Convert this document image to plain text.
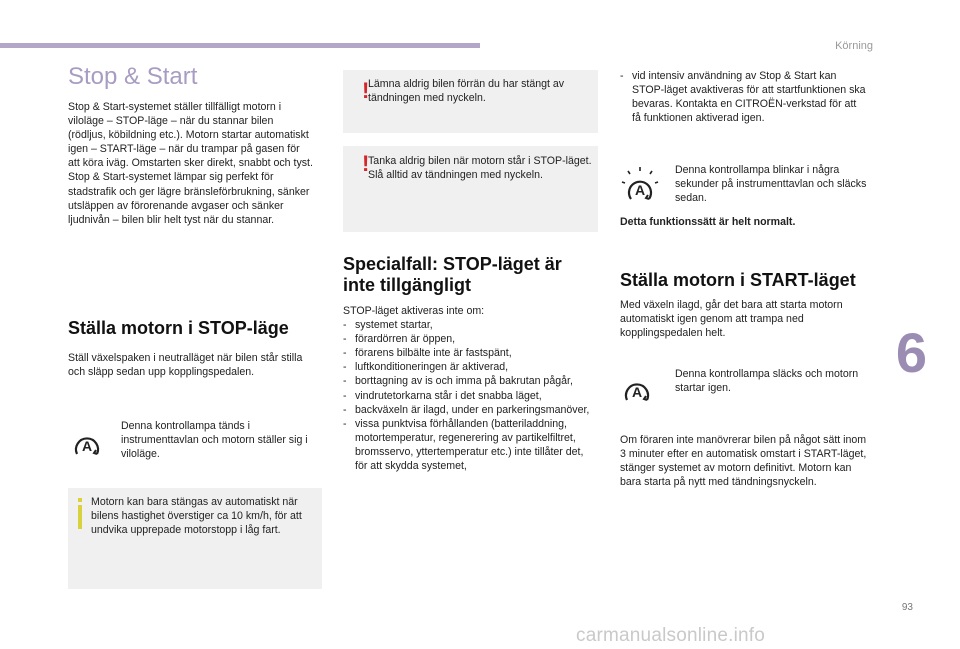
Körning
6
93
carmanualsonline.info
Stop & Start

Stop & Start-systemet ställer tillfälligt motorn i viloläge – STOP-läge – när du stannar bilen (rödljus, köbildning etc.). Motorn startar automatiskt igen – START-läge – när du trampar på gasen för att köra iväg. Omstarten sker direkt, snabbt och tyst.

Stop & Start-systemet lämpar sig perfekt för stadstrafik och ger lägre bränsleförbrukning, sänker utsläppen av förorenande avgaser och sänker ljudnivån – bilen blir helt tyst när du stannar.

Ställa motorn i STOP-läge
Ställ växelspaken i neutralläget när bilen står stilla och släpp sedan upp kopplingspedalen.
A
Denna kontrollampa tänds i instrumenttavlan och motorn ställer sig i viloläge.
Motorn kan bara stängas av automatiskt när bilens hastighet överstiger ca 10 km/h, för att undvika upprepade motorstopp i låg fart.
!
Lämna aldrig bilen förrän du har stängt av tändningen med nyckeln.
!
Tanka aldrig bilen när motorn står i STOP-läget. Slå alltid av tändningen med nyckeln.
Specialfall: STOP-läget är inte tillgängligt

STOP-läget aktiveras inte om:

- systemet startar,
- förardörren är öppen,
- förarens bilbälte inte är fastspänt,
- luftkonditioneringen är aktiverad,
- borttagning av is och imma på bakrutan pågår,
- vindrutetorkarna står i det snabba läget,
- backväxeln är ilagd, under en parkeringsmanöver,
- vissa punktvisa förhållanden (batteriladdning, motortemperatur, regenerering av partikelfiltret, bromsservo, yttertemperatur etc.) inte tillåter det, för att skydda systemet,
- vid intensiv användning av Stop & Start kan STOP-läget avaktiveras för att startfunktionen ska bevaras. Kontakta en CITROËN-verkstad för att få funktionen aktiverad igen.
A
Denna kontrollampa blinkar i några sekunder på instrumenttavlan och släcks sedan.
Detta funktionssätt är helt normalt.
Ställa motorn i START-läget
Med växeln ilagd, går det bara att starta motorn automatiskt igen genom att trampa ned kopplingspedalen helt.
A
Denna kontrollampa släcks och motorn startar igen.
Om föraren inte manövrerar bilen på något sätt inom 3 minuter efter en automatisk omstart i START-läget, stänger systemet av motorn definitivt. Motorn kan bara starta på nytt med tändningsnyckeln.
